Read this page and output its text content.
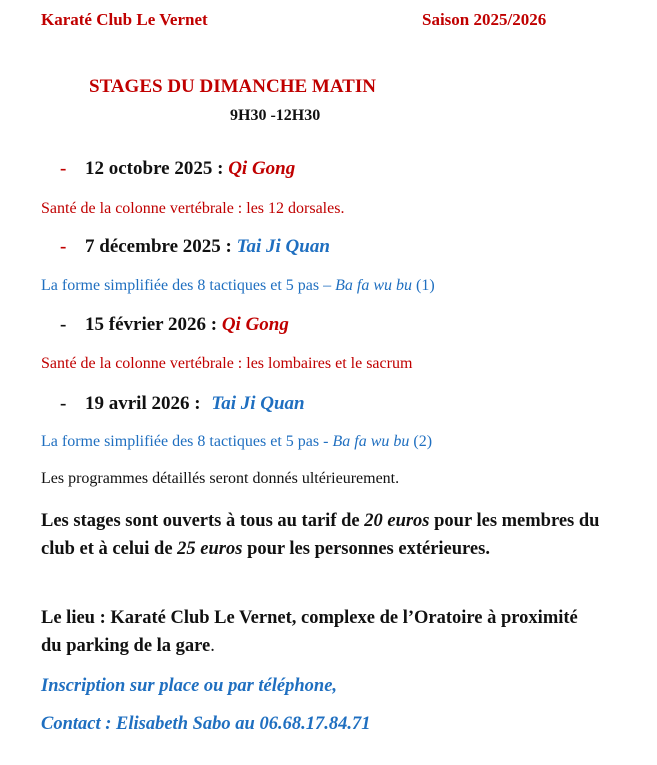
Karaté Club Le Vernet	Saison 2025/2026
STAGES DU DIMANCHE MATIN
9H30 -12H30
- 12 octobre 2025 : Qi Gong
Santé de la colonne vertébrale : les 12 dorsales.
- 7 décembre 2025 : Tai Ji Quan
La forme simplifiée des 8 tactiques et 5 pas – Ba fa wu bu (1)
- 15 février 2026 : Qi Gong
Santé de la colonne vertébrale : les lombaires et le sacrum
- 19 avril 2026 : Tai Ji Quan
La forme simplifiée des 8 tactiques et 5 pas - Ba fa wu bu (2)
Les programmes détaillés seront donnés ultérieurement.
Les stages sont ouverts à tous au tarif de 20 euros pour les membres du club et à celui de 25 euros pour les personnes extérieures.
Le lieu : Karaté Club Le Vernet, complexe de l’Oratoire à proximité du parking de la gare.
Inscription sur place ou par téléphone,
Contact : Elisabeth Sabo au 06.68.17.84.71
